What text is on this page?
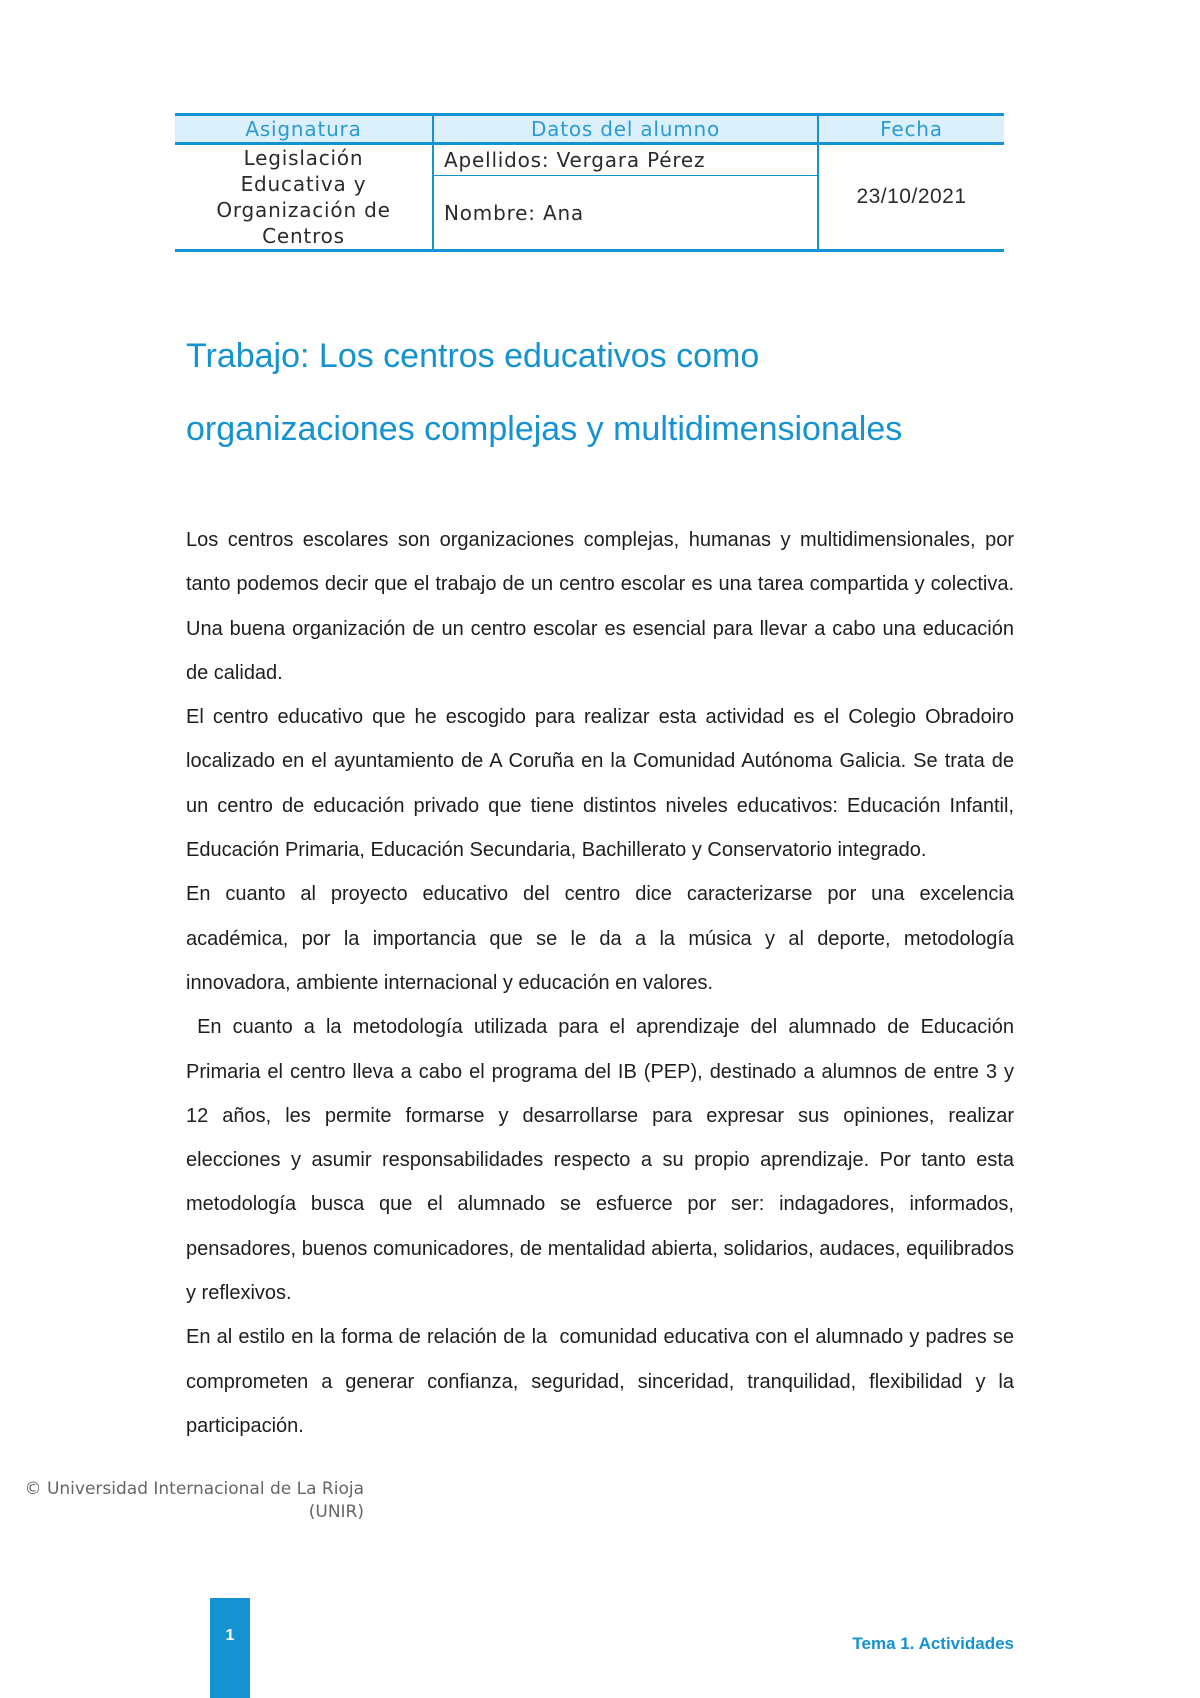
Asignatura	Datos del alumno	Fecha

Legislación
Educativa y
Organización de
Centros	Apellidos: Vergara Pérez	23/10/2021
	Nombre: Ana	
Trabajo: Los centros educativos como
organizaciones complejas y multidimensionales

Los centros escolares son organizaciones complejas, humanas y multidimensionales, por tanto podemos decir que el trabajo de un centro escolar es una tarea compartida y colectiva. Una buena organización de un centro escolar es esencial para llevar a cabo una educación de calidad.

El centro educativo que he escogido para realizar esta actividad es el Colegio Obradoiro localizado en el ayuntamiento de A Coruña en la Comunidad Autónoma Galicia. Se trata de un centro de educación privado que tiene distintos niveles educativos: Educación Infantil, Educación Primaria, Educación Secundaria, Bachillerato y Conservatorio integrado.

En cuanto al proyecto educativo del centro dice caracterizarse por una excelencia académica, por la importancia que se le da a la música y al deporte, metodología innovadora, ambiente internacional y educación en valores.

En cuanto a la metodología utilizada para el aprendizaje del alumnado de Educación Primaria el centro lleva a cabo el programa del IB (PEP), destinado a alumnos de entre 3 y 12 años, les permite formarse y desarrollarse para expresar sus opiniones, realizar elecciones y asumir responsabilidades respecto a su propio aprendizaje. Por tanto esta metodología busca que el alumnado se esfuerce por ser: indagadores, informados, pensadores, buenos comunicadores, de mentalidad abierta, solidarios, audaces, equilibrados y reflexivos.

En al estilo en la forma de relación de la  comunidad educativa con el alumnado y padres se comprometen a generar confianza, seguridad, sinceridad, tranquilidad, flexibilidad y la participación.

© Universidad Internacional de La Rioja
(UNIR)
1	Tema 1. Actividades
